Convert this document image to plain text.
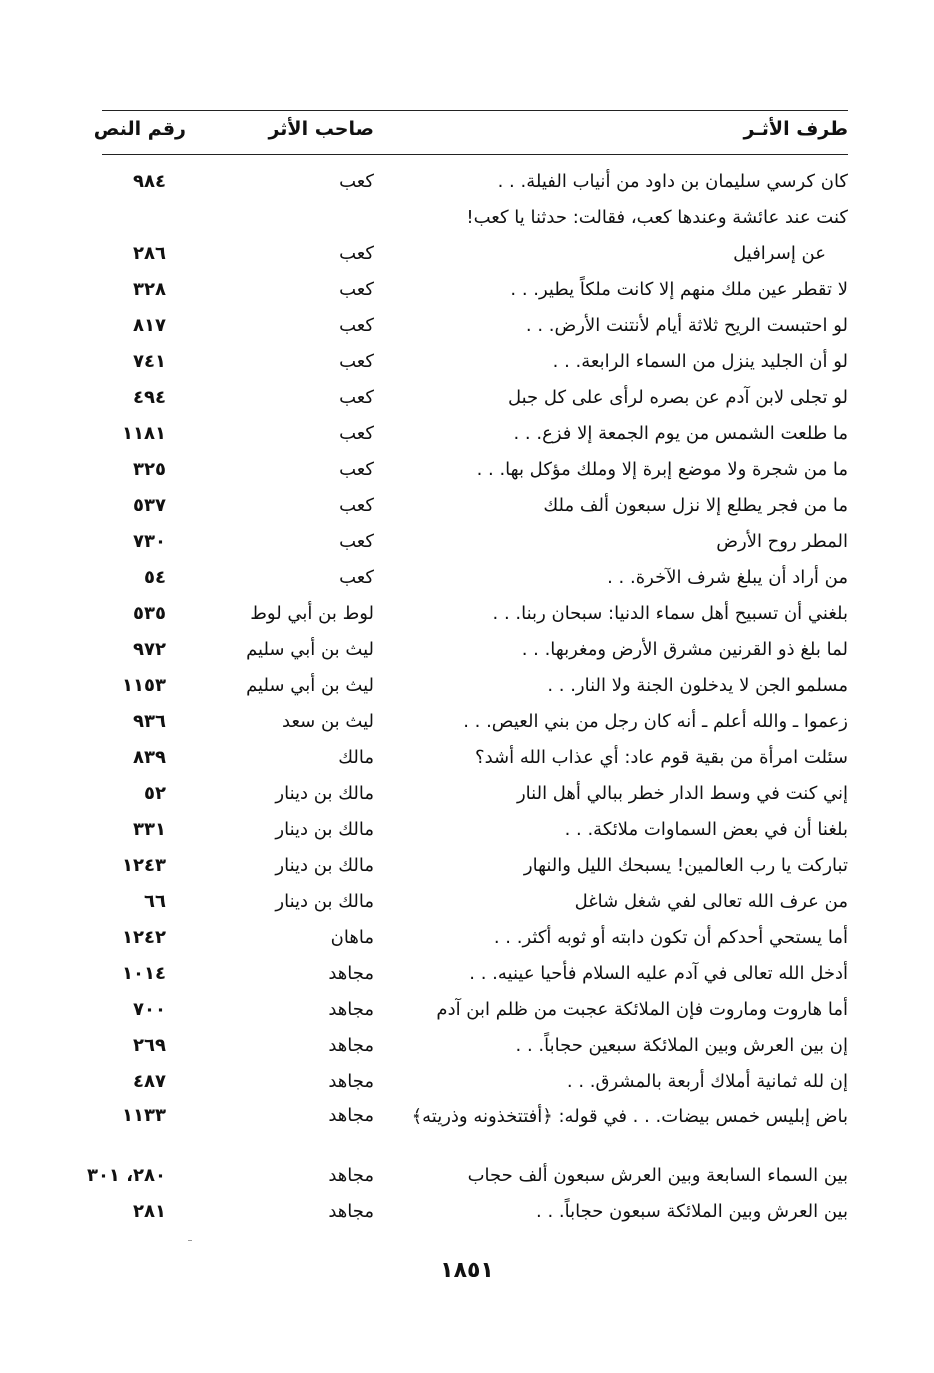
طرف الأثـر
صاحب الأثر
رقم النص
كان كرسي سليمان بن داود من أنياب الفيلة. . .
كعب
٩٨٤
كنت عند عائشة وعندها كعب، فقالت: حدثنا يا كعب!
عن إسرافيل
كعب
٢٨٦
لا تقطر عين ملك منهم إلا كانت ملكاً يطير. . .
كعب
٣٢٨
لو احتبست الريح ثلاثة أيام لأنتنت الأرض. . .
كعب
٨١٧
لو أن الجليد ينزل من السماء الرابعة. . .
كعب
٧٤١
لو تجلى لابن آدم عن بصره لرأى على كل جبل
كعب
٤٩٤
ما طلعت الشمس من يوم الجمعة إلا فزع. . .
كعب
١١٨١
ما من شجرة ولا موضع إبرة إلا وملك مؤكل بها. . .
كعب
٣٢٥
ما من فجر يطلع إلا نزل سبعون ألف ملك
كعب
٥٣٧
المطر روح الأرض
كعب
٧٣٠
من أراد أن يبلغ شرف الآخرة. . .
كعب
٥٤
بلغني أن تسبيح أهل سماء الدنيا: سبحان ربنا. . .
لوط بن أبي لوط
٥٣٥
لما بلغ ذو القرنين مشرق الأرض ومغربها. . .
ليث بن أبي سليم
٩٧٢
مسلمو الجن لا يدخلون الجنة ولا النار. . .
ليث بن أبي سليم
١١٥٣
زعموا ـ والله أعلم ـ أنه كان رجل من بني العيص. . .
ليث بن سعد
٩٣٦
سئلت امرأة من بقية قوم عاد: أي عذاب الله أشد؟
مالك
٨٣٩
إني كنت في وسط الدار خطر ببالي أهل النار
مالك بن دينار
٥٢
بلغنا أن في بعض السماوات ملائكة. . .
مالك بن دينار
٣٣١
تباركت يا رب العالمين! يسبحك الليل والنهار
مالك بن دينار
١٢٤٣
من عرف الله تعالى لفي شغل شاغل
مالك بن دينار
٦٦
أما يستحي أحدكم أن تكون دابته أو ثوبه أكثر. . .
ماهان
١٢٤٢
أدخل الله تعالى في آدم عليه السلام فأحيا عينيه. . .
مجاهد
١٠١٤
أما هاروت وماروت فإن الملائكة عجبت من ظلم ابن آدم
مجاهد
٧٠٠
إن بين العرش وبين الملائكة سبعين حجاباً. . .
مجاهد
٢٦٩
إن لله ثمانية أملاك أربعة بالمشرق. . .
مجاهد
٤٨٧
باض إبليس خمس بيضات. . . في قوله: ﴿أفتتخذونه وذريته﴾
مجاهد
١١٣٣
بين السماء السابعة وبين العرش سبعون ألف حجاب
مجاهد
٢٨٠، ٣٠١
بين العرش وبين الملائكة سبعون حجاباً. . .
مجاهد
٢٨١
١٨٥١
